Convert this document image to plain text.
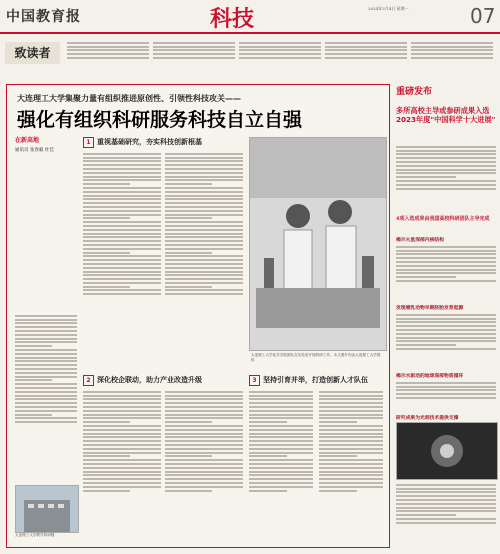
中国教育报	科技	2024年3月4日 星期一	07
致读者
大连理工大学集聚力量有组织推进原创性、引领性科技攻关——
强化有组织科研服务科技自立自强
在新高地
通讯员 张春毅 杜佳
1 重视基础研究，夯实科技创新根基
大连理工大学化学学院团队在实验室开展科研工作。本文图片均由大连理工大学提供
2 深化校企联动，助力产业改造升级	3 坚持引育并举，打造创新人才队伍
大连理工大学教学科研楼
重磅发布
多所高校主导或参研成果入选2023年度"中国科学十大进展"
4项入选成果由我国高校科研团队主导完成
揭示火星深部内核结构
发现哺乳动物早期胚胎发育起源
揭示水驱动的地球深部物质循环
研究成果为光刻技术提供支撑
